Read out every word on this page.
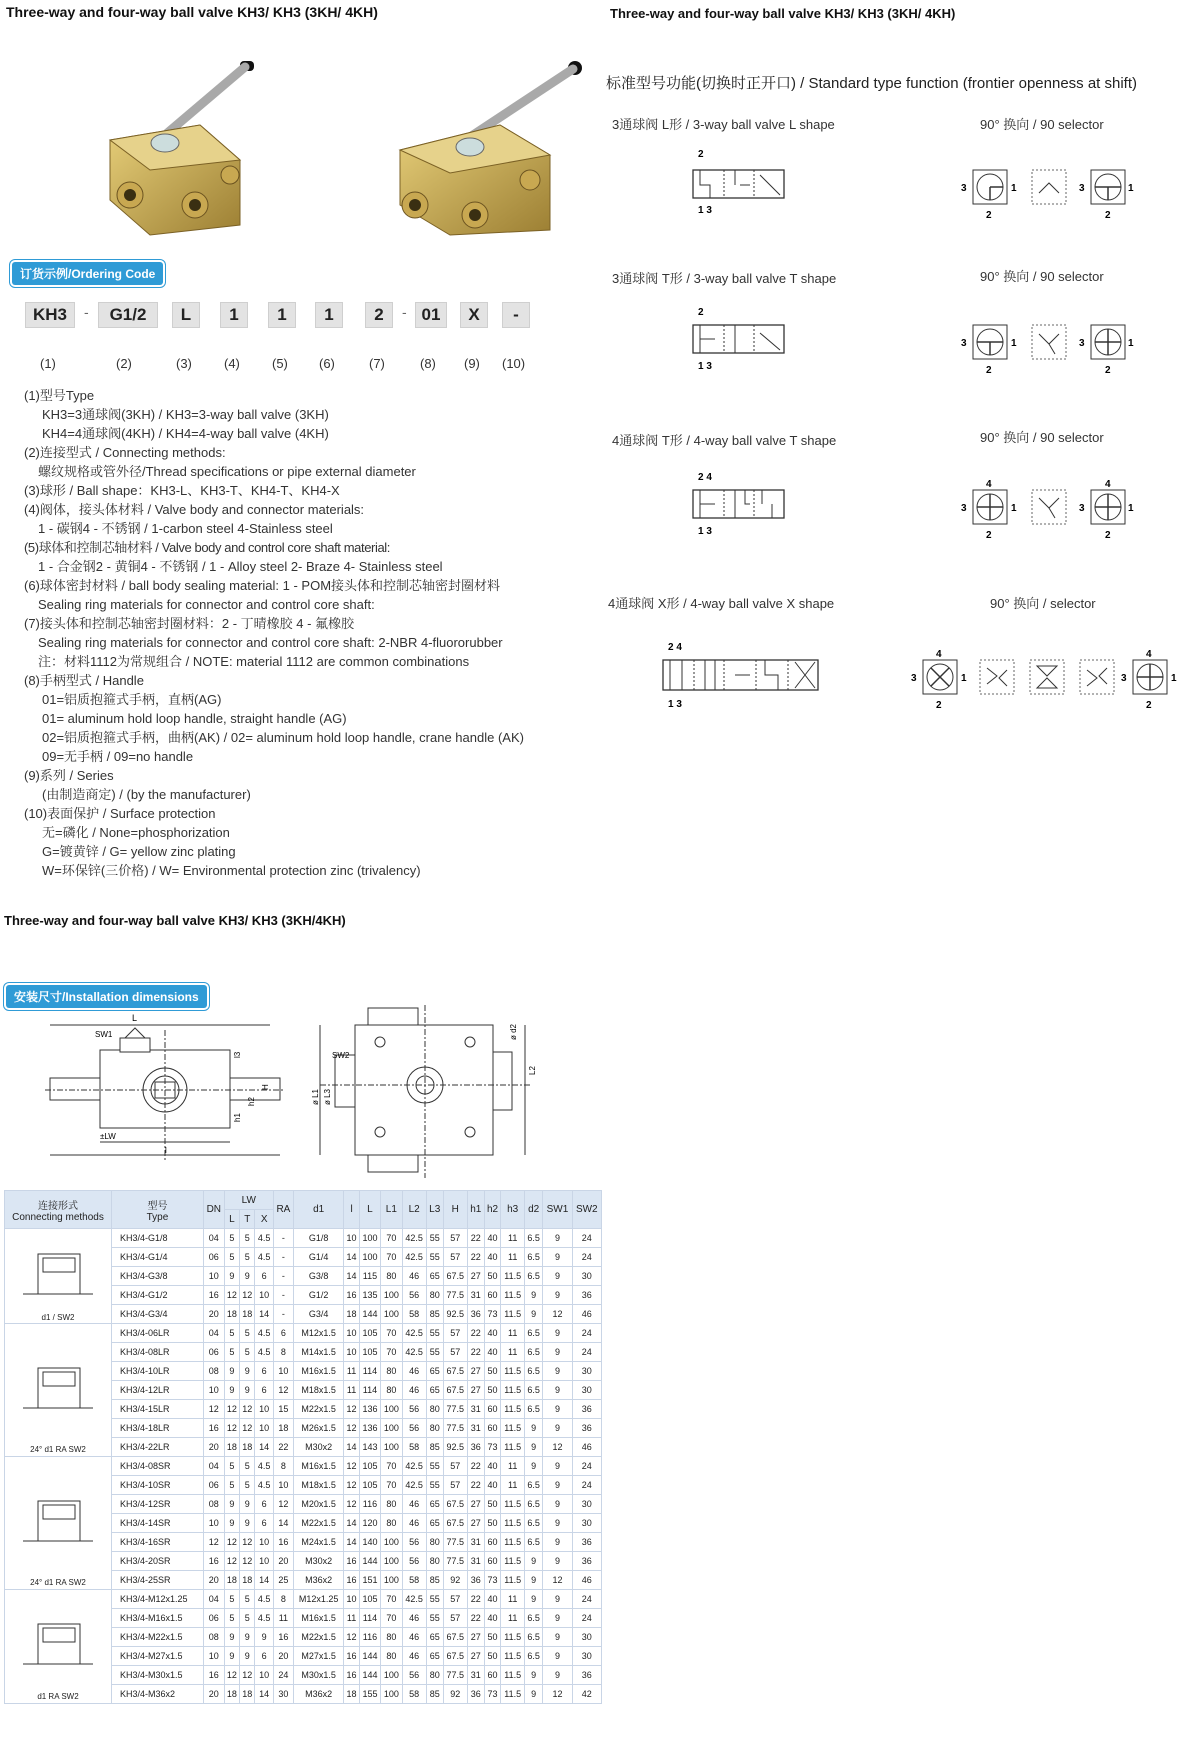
Three-way and four-way ball valve KH3/ KH3 (3KH/ 4KH)	Three-way and four-way ball valve KH3/ KH3 (3KH/ 4KH)
订货示例/Ordering Code
KH3	-	G1/2	L	1	1	1	2	- 01	X	-
(1)	(2)	(3) (4) (5) (6)	(7)	(8) (9) (10)
(1)型号Type
KH3=3通球阀(3KH) / KH3=3-way ball valve (3KH)
KH4=4通球阀(4KH) / KH4=4-way ball valve (4KH)
(2)连接型式 / Connecting methods:
螺纹规格或管外径/Thread specifications or pipe external diameter
(3)球形 / Ball shape：KH3-L、KH3-T、KH4-T、KH4-X
(4)阀体，接头体材料 / Valve body and connector materials:
1 - 碳钢4 - 不锈钢 / 1-carbon steel 4-Stainless steel
(5)球体和控制芯轴材料 / Valve body and control core shaft material:
1 - 合金钢2 - 黄铜4 - 不锈钢 / 1 - Alloy steel 2- Braze 4- Stainless steel
(6)球体密封材料 / ball body sealing material: 1 - POM接头体和控制芯轴密封圈材料
Sealing ring materials for connector and control core shaft:
(7)接头体和控制芯轴密封圈材料：2 - 丁晴橡胶 4 - 氟橡胶
Sealing ring materials for connector and control core shaft: 2-NBR 4-fluororubber
注：材料1112为常规组合 / NOTE: material 1112 are common combinations
(8)手柄型式 / Handle
01=铝质抱箍式手柄，直柄(AG)
01= aluminum hold loop handle, straight handle (AG)
02=铝质抱箍式手柄，曲柄(AK) / 02= aluminum hold loop handle, crane handle (AK)
09=无手柄 / 09=no handle
(9)系列 / Series
(由制造商定) / (by the manufacturer)
(10)表面保护 / Surface protection
无=磷化 / None=phosphorization
G=镀黄锌 / G= yellow zinc plating
W=环保锌(三价格) / W= Environmental protection zinc (trivalency)
标准型号功能(切换时正开口) / Standard type function (frontier openness at shift)
3通球阀 L形 / 3-way ball valve L shape	90° 换向 / 90 selector
2
1 3
3	1
2
3	1
2
3通球阀 T形 / 3-way ball valve T shape	90° 换向 / 90 selector
2
1 3
3	1
2
3	1
2
4通球阀 T形 / 4-way ball valve T shape	90° 换向 / 90 selector
2 4
1 3
4
3	1
2
4
3	1
2
4通球阀 X形 / 4-way ball valve X shape	90° 换向 / selector
2 4
1 3
4
3	1
2
4
3	1
2
Three-way and four-way ball valve KH3/ KH3 (3KH/4KH)
安装尺寸/Installation dimensions
L
SW1
±LW
l
l3
H
h2
h1
SW2
ø d2
L2
ø L1 ø L3
连接形式
Connecting methods	型号
Type	DN	LW			RA	d1	l	L	L1	L2	L3	H	h1	h2	h3	d2	SW1	SW2
			L	T	X														

d1 / SW2	KH3/4-G1/8	04	5	5	4.5	-	G1/8	10	100	70	42.5	55	57	22	40	11	6.5	9	24
	KH3/4-G1/4	06	5	5	4.5	-	G1/4	14	100	70	42.5	55	57	22	40	11	6.5	9	24
	KH3/4-G3/8	10	9	9	6	-	G3/8	14	115	80	46	65	67.5	27	50	11.5	6.5	9	30
	KH3/4-G1/2	16	12	12	10	-	G1/2	16	135	100	56	80	77.5	31	60	11.5	9	9	36
	KH3/4-G3/4	20	18	18	14	-	G3/4	18	144	100	58	85	92.5	36	73	11.5	9	12	46

24° d1 RA SW2	KH3/4-06LR	04	5	5	4.5	6	M12x1.5	10	105	70	42.5	55	57	22	40	11	6.5	9	24
	KH3/4-08LR	06	5	5	4.5	8	M14x1.5	10	105	70	42.5	55	57	22	40	11	6.5	9	24
	KH3/4-10LR	08	9	9	6	10	M16x1.5	11	114	80	46	65	67.5	27	50	11.5	6.5	9	30
	KH3/4-12LR	10	9	9	6	12	M18x1.5	11	114	80	46	65	67.5	27	50	11.5	6.5	9	30
	KH3/4-15LR	12	12	12	10	15	M22x1.5	12	136	100	56	80	77.5	31	60	11.5	6.5	9	36
	KH3/4-18LR	16	12	12	10	18	M26x1.5	12	136	100	56	80	77.5	31	60	11.5	9	9	36
	KH3/4-22LR	20	18	18	14	22	M30x2	14	143	100	58	85	92.5	36	73	11.5	9	12	46

24° d1 RA SW2	KH3/4-08SR	04	5	5	4.5	8	M16x1.5	12	105	70	42.5	55	57	22	40	11	9	9	24
	KH3/4-10SR	06	5	5	4.5	10	M18x1.5	12	105	70	42.5	55	57	22	40	11	6.5	9	24
	KH3/4-12SR	08	9	9	6	12	M20x1.5	12	116	80	46	65	67.5	27	50	11.5	6.5	9	30
	KH3/4-14SR	10	9	9	6	14	M22x1.5	14	120	80	46	65	67.5	27	50	11.5	6.5	9	30
	KH3/4-16SR	12	12	12	10	16	M24x1.5	14	140	100	56	80	77.5	31	60	11.5	6.5	9	36
	KH3/4-20SR	16	12	12	10	20	M30x2	16	144	100	56	80	77.5	31	60	11.5	9	9	36
	KH3/4-25SR	20	18	18	14	25	M36x2	16	151	100	58	85	92	36	73	11.5	9	12	46

d1 RA SW2	KH3/4-M12x1.25	04	5	5	4.5	8	M12x1.25	10	105	70	42.5	55	57	22	40	11	9	9	24
	KH3/4-M16x1.5	06	5	5	4.5	11	M16x1.5	11	114	70	46	55	57	22	40	11	6.5	9	24
	KH3/4-M22x1.5	08	9	9	9	16	M22x1.5	12	116	80	46	65	67.5	27	50	11.5	6.5	9	30
	KH3/4-M27x1.5	10	9	9	6	20	M27x1.5	16	144	80	46	65	67.5	27	50	11.5	6.5	9	30
	KH3/4-M30x1.5	16	12	12	10	24	M30x1.5	16	144	100	56	80	77.5	31	60	11.5	9	9	36
	KH3/4-M36x2	20	18	18	14	30	M36x2	18	155	100	58	85	92	36	73	11.5	9	12	42
